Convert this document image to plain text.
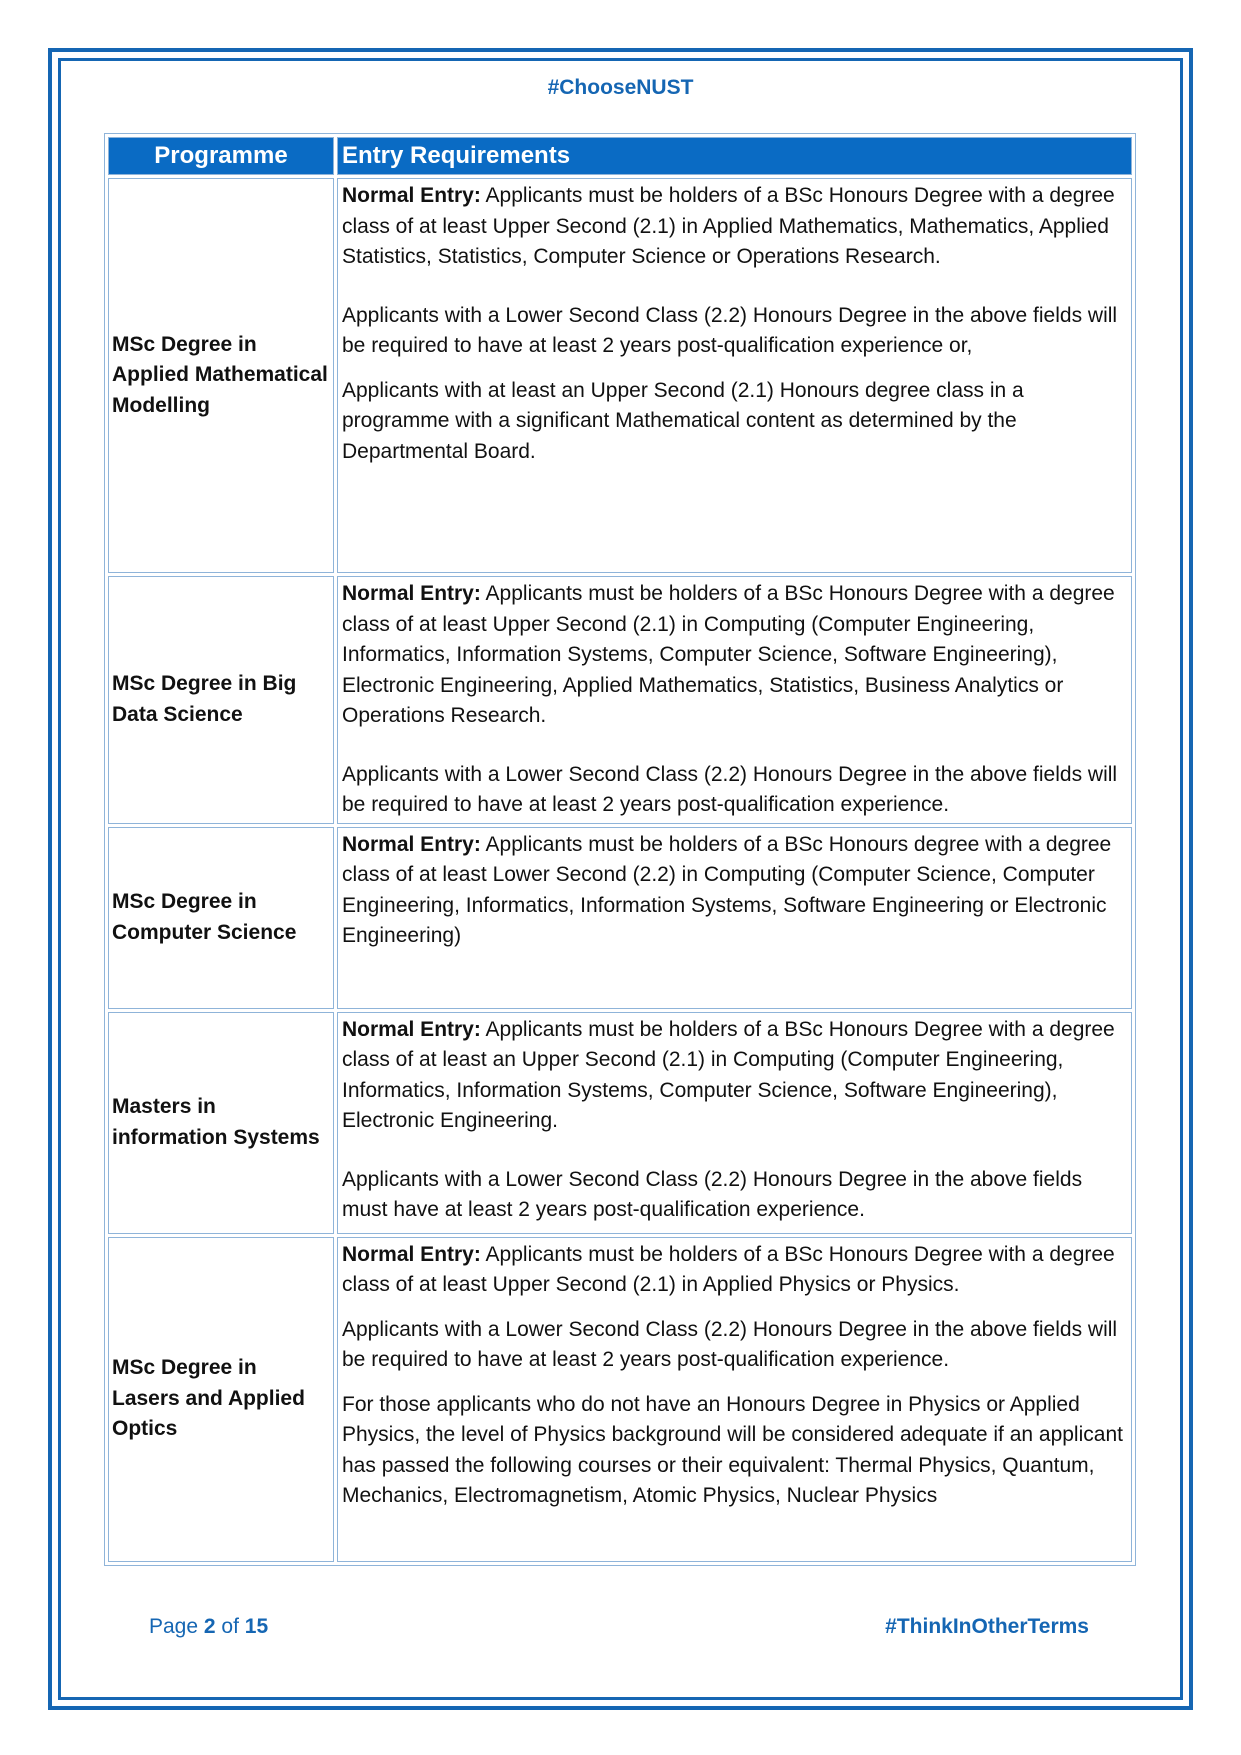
#ChooseNUST
Programme	Entry Requirements
MSc Degree in Applied Mathematical Modelling	Normal Entry: Applicants must be holders of a BSc Honours Degree with a degree class of at least Upper Second (2.1) in Applied Mathematics, Mathematics, Applied Statistics, Statistics, Computer Science or Operations Research.

Applicants with a Lower Second Class (2.2) Honours Degree in the above fields will be required to have at least 2 years post-qualification experience or,

Applicants with at least an Upper Second (2.1) Honours degree class in a programme with a significant Mathematical content as determined by the Departmental Board.

MSc Degree in Big Data Science	Normal Entry: Applicants must be holders of a BSc Honours Degree with a degree class of at least Upper Second (2.1) in Computing (Computer Engineering, Informatics, Information Systems, Computer Science, Software Engineering), Electronic Engineering, Applied Mathematics, Statistics, Business Analytics or Operations Research.

Applicants with a Lower Second Class (2.2) Honours Degree in the above fields will be required to have at least 2 years post-qualification experience.

MSc Degree in Computer Science	Normal Entry: Applicants must be holders of a BSc Honours degree with a degree class of at least Lower Second (2.2) in Computing (Computer Science, Computer Engineering, Informatics, Information Systems, Software Engineering or Electronic Engineering)

Masters in information Systems	Normal Entry: Applicants must be holders of a BSc Honours Degree with a degree class of at least an Upper Second (2.1) in Computing (Computer Engineering, Informatics, Information Systems, Computer Science, Software Engineering), Electronic Engineering.

Applicants with a Lower Second Class (2.2) Honours Degree in the above fields must have at least 2 years post-qualification experience.

MSc Degree in Lasers and Applied Optics	Normal Entry: Applicants must be holders of a BSc Honours Degree with a degree class of at least Upper Second (2.1) in Applied Physics or Physics.

Applicants with a Lower Second Class (2.2) Honours Degree in the above fields will be required to have at least 2 years post-qualification experience.

For those applicants who do not have an Honours Degree in Physics or Applied Physics, the level of Physics background will be considered adequate if an applicant has passed the following courses or their equivalent: Thermal Physics, Quantum, Mechanics, Electromagnetism, Atomic Physics, Nuclear Physics

Page 2 of 15	#ThinkInOtherTerms
